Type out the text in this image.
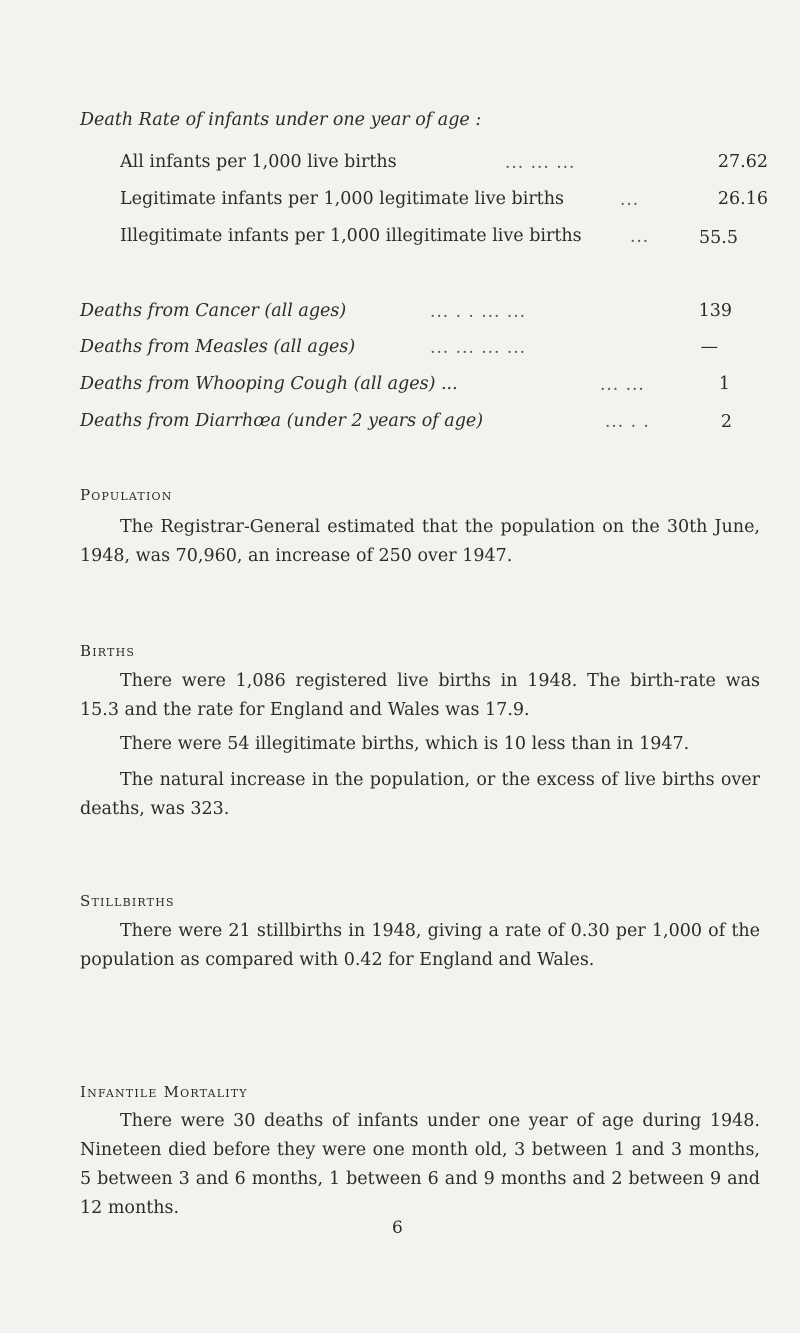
Death Rate of infants under one year of age :
All infants per 1,000 live births	... ... ...	27.62
Legitimate infants per 1,000 legitimate live births	...	26.16
Illegitimate infants per 1,000 illegitimate live births	...	55.5
Deaths from Cancer (all ages)	... . . ... ...	139
Deaths from Measles (all ages)	... ... ... ...	—
Deaths from Whooping Cough (all ages) ...	... ...	1
Deaths from Diarrhœa (under 2 years of age)	... . .	2
Population
The Registrar-General estimated that the population on the 30th June, 1948, was 70,960, an increase of 250 over 1947.
Births
There were 1,086 registered live births in 1948. The birth-rate was 15.3 and the rate for England and Wales was 17.9.
There were 54 illegitimate births, which is 10 less than in 1947.
The natural increase in the population, or the excess of live births over deaths, was 323.
Stillbirths
There were 21 stillbirths in 1948, giving a rate of 0.30 per 1,000 of the population as compared with 0.42 for England and Wales.
Infantile Mortality
There were 30 deaths of infants under one year of age during 1948. Nineteen died before they were one month old, 3 between 1 and 3 months, 5 between 3 and 6 months, 1 between 6 and 9 months and 2 between 9 and 12 months.
6
